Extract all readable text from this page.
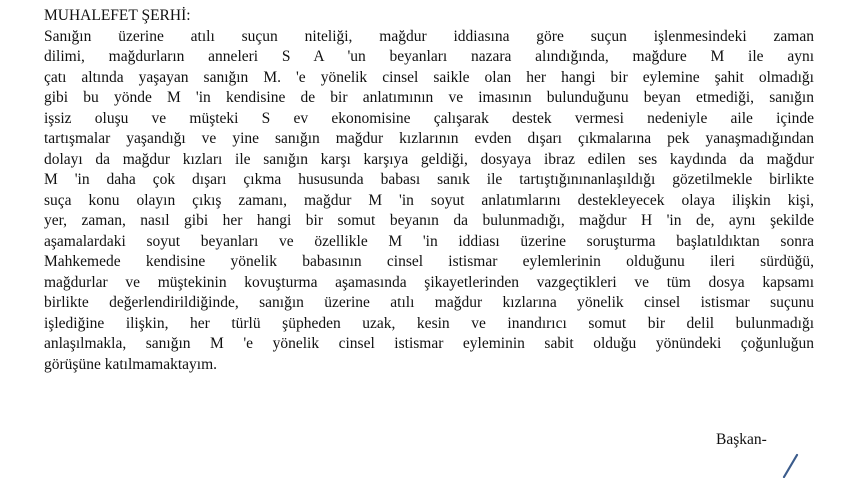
MUHALEFET ŞERHİ:
Sanığın üzerine atılı suçun niteliği, mağdur iddiasına göre suçun işlenmesindeki zaman
dilimi, mağdurların anneleri S A 'un beyanları nazara alındığında, mağdure M ile aynı
çatı altında yaşayan sanığın M. 'e yönelik cinsel saikle olan her hangi bir eylemine şahit olmadığı
gibi bu yönde M 'in kendisine de bir anlatımının ve imasının bulunduğunu beyan etmediği, sanığın
işsiz oluşu ve müşteki S ev ekonomisine çalışarak destek vermesi nedeniyle aile içinde
tartışmalar yaşandığı ve yine sanığın mağdur kızlarının evden dışarı çıkmalarına pek yanaşmadığından
dolayı da mağdur kızları ile sanığın karşı karşıya geldiği, dosyaya ibraz edilen ses kaydında da mağdur
M 'in daha çok dışarı çıkma hususunda babası sanık ile tartıştığınınanlaşıldığı gözetilmekle birlikte
suça konu olayın çıkış zamanı, mağdur M 'in soyut anlatımlarını destekleyecek olaya ilişkin kişi,
yer, zaman, nasıl gibi her hangi bir somut beyanın da bulunmadığı, mağdur H 'in de, aynı şekilde
aşamalardaki soyut beyanları ve özellikle M 'in iddiası üzerine soruşturma başlatıldıktan sonra
Mahkemede kendisine yönelik babasının cinsel istismar eylemlerinin olduğunu ileri sürdüğü,
mağdurlar ve müştekinin kovuşturma aşamasında şikayetlerinden vazgeçtikleri ve tüm dosya kapsamı
birlikte değerlendirildiğinde, sanığın üzerine atılı mağdur kızlarına yönelik cinsel istismar suçunu
işlediğine ilişkin, her türlü şüpheden uzak, kesin ve inandırıcı somut bir delil bulunmadığı
anlaşılmakla, sanığın M 'e yönelik cinsel istismar eyleminin sabit olduğu yönündeki çoğunluğun
görüşüne katılmamaktayım.
Başkan-
